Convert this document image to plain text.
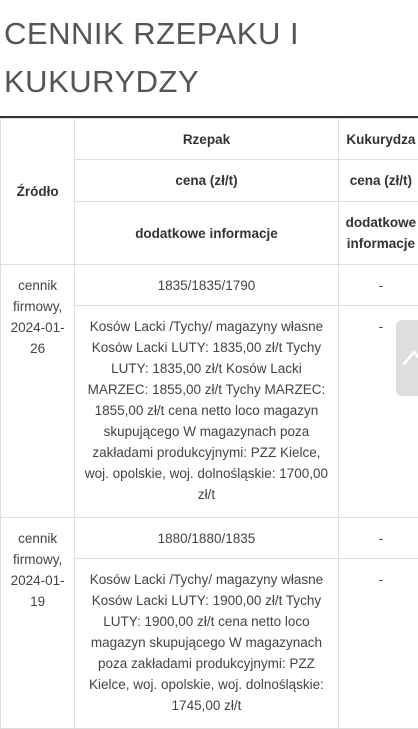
CENNIK RZEPAKU I KUKURYDZY
Źródło	Rzepak	Kukurydza
	cena (zł/t)	cena (zł/t)
	dodatkowe informacje	dodatkowe informacje
cennik firmowy, 2024-01-26	1835/1835/1790	-
	Kosów Lacki /Tychy/ magazyny własne Kosów Lacki LUTY: 1835,00 zł/t Tychy LUTY: 1835,00 zł/t Kosów Lacki MARZEC: 1855,00 zł/t Tychy MARZEC: 1855,00 zł/t cena netto loco magazyn skupującego W magazynach poza zakładami produkcyjnymi: PZZ Kielce, woj. opolskie, woj. dolnośląskie: 1700,00 zł/t	-
cennik firmowy, 2024-01-19	1880/1880/1835	-
	Kosów Lacki /Tychy/ magazyny własne Kosów Lacki LUTY: 1900,00 zł/t Tychy LUTY: 1900,00 zł/t cena netto loco magazyn skupującego W magazynach poza zakładami produkcyjnymi: PZZ Kielce, woj. opolskie, woj. dolnośląskie: 1745,00 zł/t	-
